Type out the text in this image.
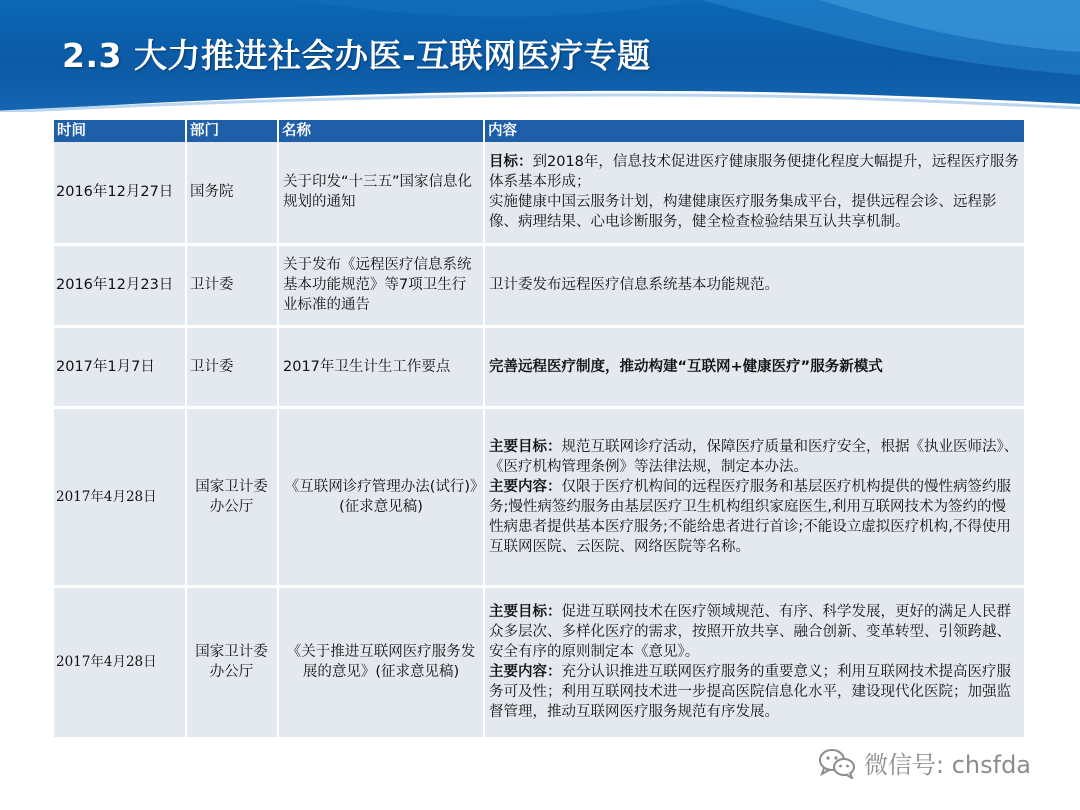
2.3 大力推进社会办医-互联网医疗专题
时间	部门	名称	内容
2016年12月27日	国务院	关于印发“十三五”国家信息化规划的通知	目标：到2018年，信息技术促进医疗健康服务便捷化程度大幅提升，远程医疗服务体系基本形成；
实施健康中国云服务计划，构建健康医疗服务集成平台，提供远程会诊、远程影像、病理结果、心电诊断服务，健全检查检验结果互认共享机制。

2016年12月23日	卫计委	关于发布《远程医疗信息系统基本功能规范》等7项卫生行业标准的通告	卫计委发布远程医疗信息系统基本功能规范。

2017年1月7日	卫计委	2017年卫生计生工作要点	完善远程医疗制度，推动构建“互联网+健康医疗”服务新模式

2017年4月28日	国家卫计委办公厅	《互联网诊疗管理办法(试行)》(征求意见稿)	主要目标：规范互联网诊疗活动，保障医疗质量和医疗安全，根据《执业医师法》、《医疗机构管理条例》等法律法规，制定本办法。
主要内容：仅限于医疗机构间的远程医疗服务和基层医疗机构提供的慢性病签约服务;慢性病签约服务由基层医疗卫生机构组织家庭医生,利用互联网技术为签约的慢性病患者提供基本医疗服务;不能给患者进行首诊;不能设立虚拟医疗机构,不得使用互联网医院、云医院、网络医院等名称。

2017年4月28日	国家卫计委办公厅	《关于推进互联网医疗服务发展的意见》(征求意见稿)	主要目标：促进互联网技术在医疗领域规范、有序、科学发展，更好的满足人民群众多层次、多样化医疗的需求，按照开放共享、融合创新、变革转型、引领跨越、安全有序的原则制定本《意见》。
主要内容：充分认识推进互联网医疗服务的重要意义；利用互联网技术提高医疗服务可及性；利用互联网技术进一步提高医院信息化水平，建设现代化医院；加强监督管理，推动互联网医疗服务规范有序发展。
微信号: chsfda
